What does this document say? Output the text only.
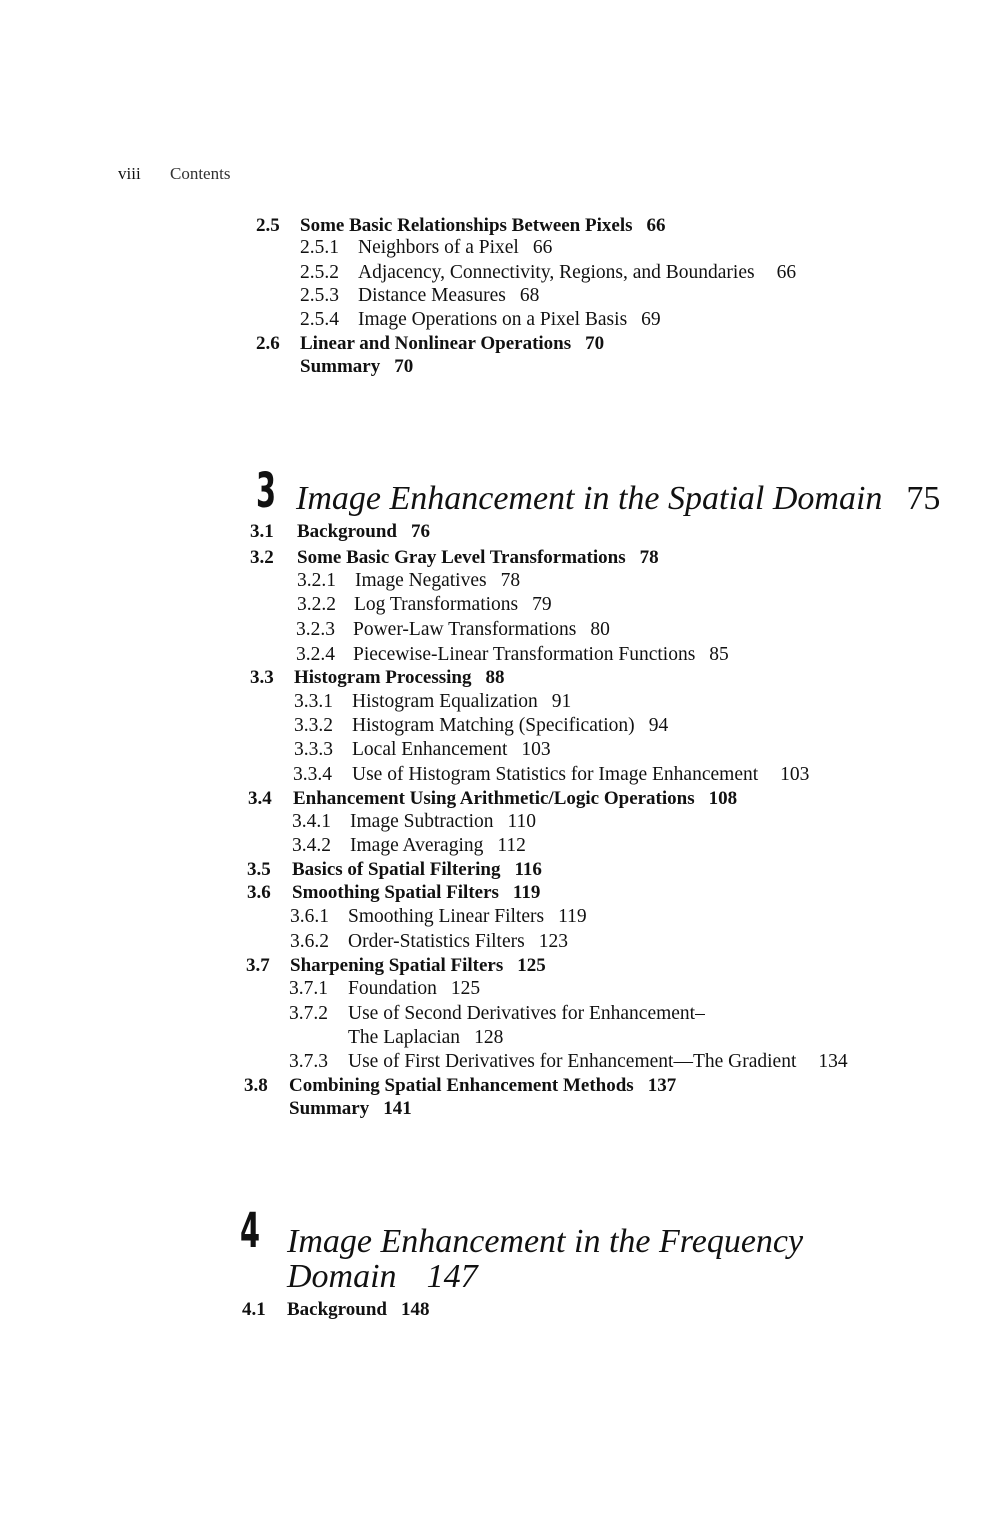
viii Contents
2.5 Some Basic Relationships Between Pixels 66
2.5.1 Neighbors of a Pixel 66
2.5.2 Adjacency, Connectivity, Regions, and Boundaries 66
2.5.3 Distance Measures 68
2.5.4 Image Operations on a Pixel Basis 69
2.6 Linear and Nonlinear Operations 70
Summary 70
3 Image Enhancement in the Spatial Domain 75
3.1 Background 76
3.2 Some Basic Gray Level Transformations 78
3.2.1 Image Negatives 78
3.2.2 Log Transformations 79
3.2.3 Power-Law Transformations 80
3.2.4 Piecewise-Linear Transformation Functions 85
3.3 Histogram Processing 88
3.3.1 Histogram Equalization 91
3.3.2 Histogram Matching (Specification) 94
3.3.3 Local Enhancement 103
3.3.4 Use of Histogram Statistics for Image Enhancement 103
3.4 Enhancement Using Arithmetic/Logic Operations 108
3.4.1 Image Subtraction 110
3.4.2 Image Averaging 112
3.5 Basics of Spatial Filtering 116
3.6 Smoothing Spatial Filters 119
3.6.1 Smoothing Linear Filters 119
3.6.2 Order-Statistics Filters 123
3.7 Sharpening Spatial Filters 125
3.7.1 Foundation 125
3.7.2 Use of Second Derivatives for Enhancement–
The Laplacian 128
3.7.3 Use of First Derivatives for Enhancement—The Gradient 134
3.8 Combining Spatial Enhancement Methods 137
Summary 141
4 Image Enhancement in the Frequency
Domain 147
4.1 Background 148
